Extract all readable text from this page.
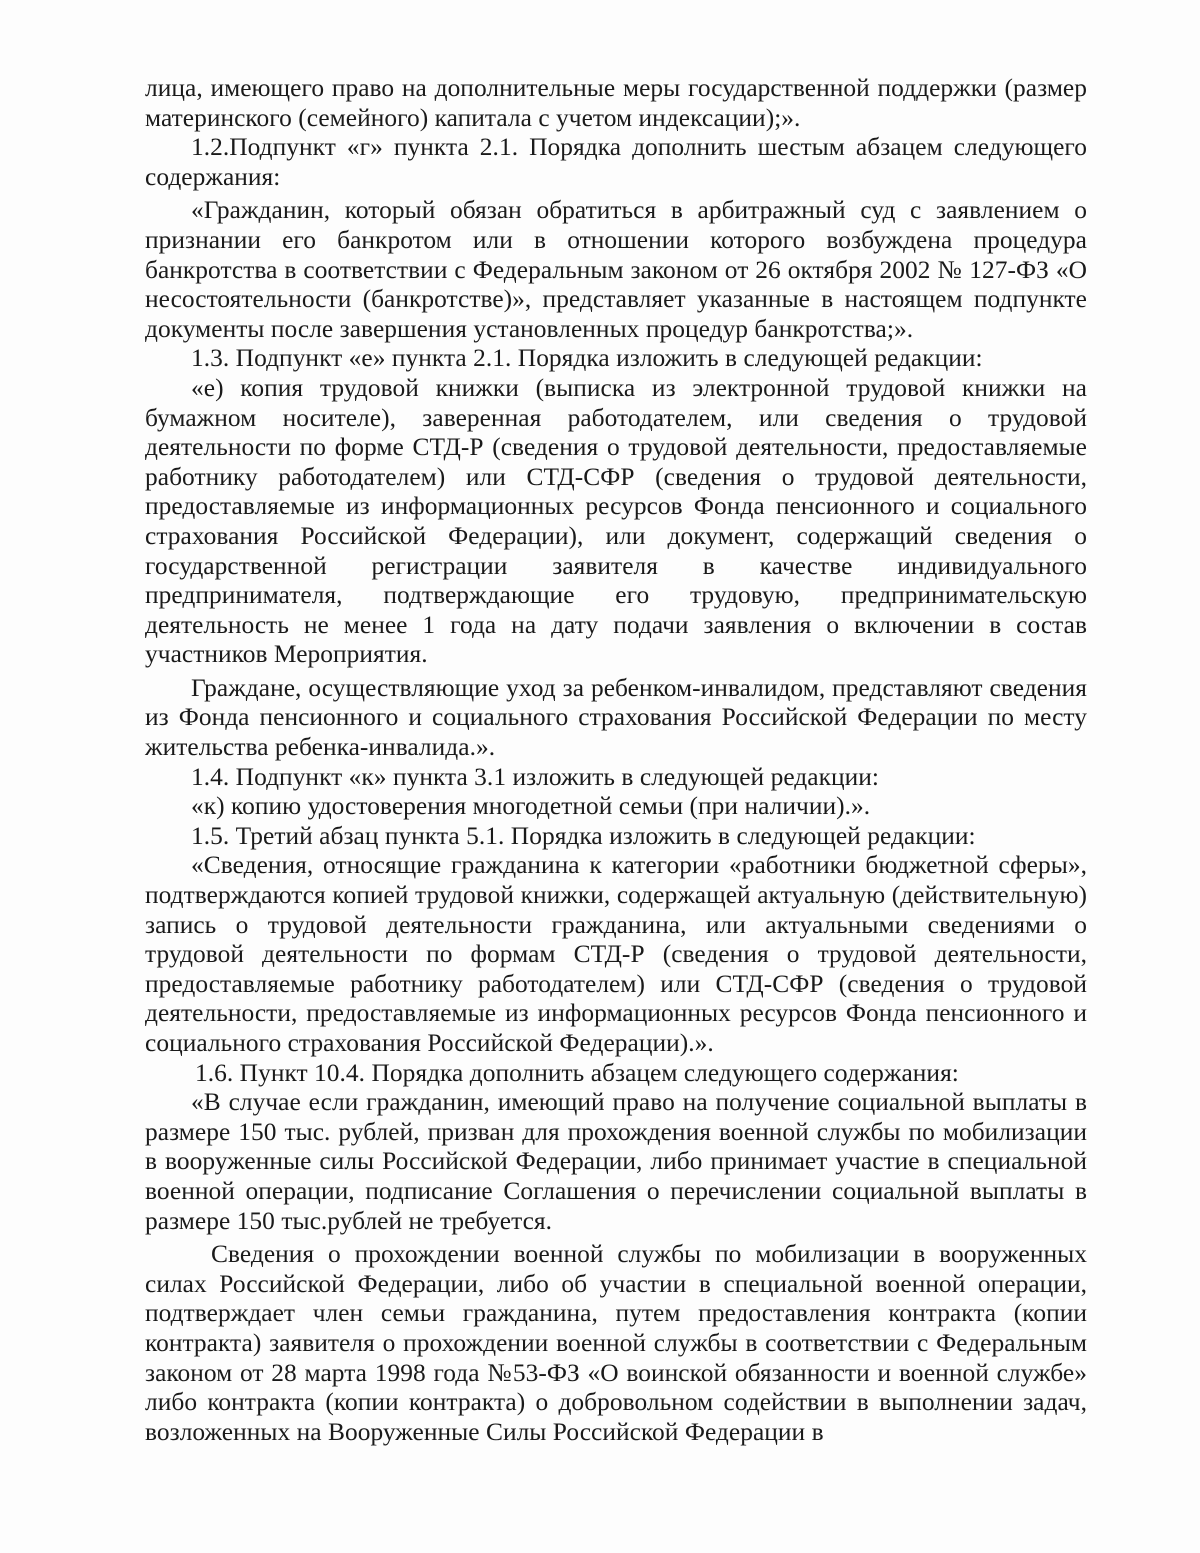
лица, имеющего право на дополнительные меры государственной поддержки (размер материнского (семейного) капитала с учетом индексации);».

1.2.Подпункт «г» пункта 2.1. Порядка дополнить шестым абзацем следующего содержания:

«Гражданин, который обязан обратиться в арбитражный суд с заявлением о признании его банкротом или в отношении которого возбуждена процедура банкротства в соответствии с Федеральным законом от 26 октября 2002 № 127-ФЗ «О несостоятельности (банкротстве)», представляет указанные в настоящем подпункте документы после завершения установленных процедур банкротства;».

1.3. Подпункт «е» пункта 2.1. Порядка изложить в следующей редакции:

«е) копия трудовой книжки (выписка из электронной трудовой книжки на бумажном носителе), заверенная работодателем, или сведения о трудовой деятельности по форме СТД-Р (сведения о трудовой деятельности, предоставляемые работнику работодателем) или СТД-СФР (сведения о трудовой деятельности, предоставляемые из информационных ресурсов Фонда пенсионного и социального страхования Российской Федерации), или документ, содержащий сведения о государственной регистрации заявителя в качестве индивидуального предпринимателя, подтверждающие его трудовую, предпринимательскую деятельность не менее 1 года на дату подачи заявления о включении в состав участников Мероприятия.

Граждане, осуществляющие уход за ребенком-инвалидом, представляют сведения из Фонда пенсионного и социального страхования Российской Федерации по месту жительства ребенка-инвалида.».

1.4. Подпункт «к» пункта 3.1 изложить в следующей редакции:

«к) копию удостоверения многодетной семьи (при наличии).».

1.5. Третий абзац пункта 5.1. Порядка изложить в следующей редакции:

«Сведения, относящие гражданина к категории «работники бюджетной сферы», подтверждаются копией трудовой книжки, содержащей актуальную (действительную) запись о трудовой деятельности гражданина, или актуальными сведениями о трудовой деятельности по формам СТД-Р (сведения о трудовой деятельности, предоставляемые работнику работодателем) или СТД-СФР (сведения о трудовой деятельности, предоставляемые из информационных ресурсов Фонда пенсионного и социального страхования Российской Федерации).».

1.6. Пункт 10.4. Порядка дополнить абзацем следующего содержания:

«В случае если гражданин, имеющий право на получение социальной выплаты в размере 150 тыс. рублей, призван для прохождения военной службы по мобилизации в вооруженные силы Российской Федерации, либо принимает участие в специальной военной операции, подписание Соглашения о перечислении социальной выплаты в размере 150 тыс.рублей не требуется.

Сведения о прохождении военной службы по мобилизации в вооруженных силах Российской Федерации, либо об участии в специальной военной операции, подтверждает член семьи гражданина, путем предоставления контракта (копии контракта) заявителя о прохождении военной службы в соответствии с Федеральным законом от 28 марта 1998 года №53-ФЗ «О воинской обязанности и военной службе» либо контракта (копии контракта) о добровольном содействии в выполнении задач, возложенных на Вооруженные Силы Российской Федерации в
